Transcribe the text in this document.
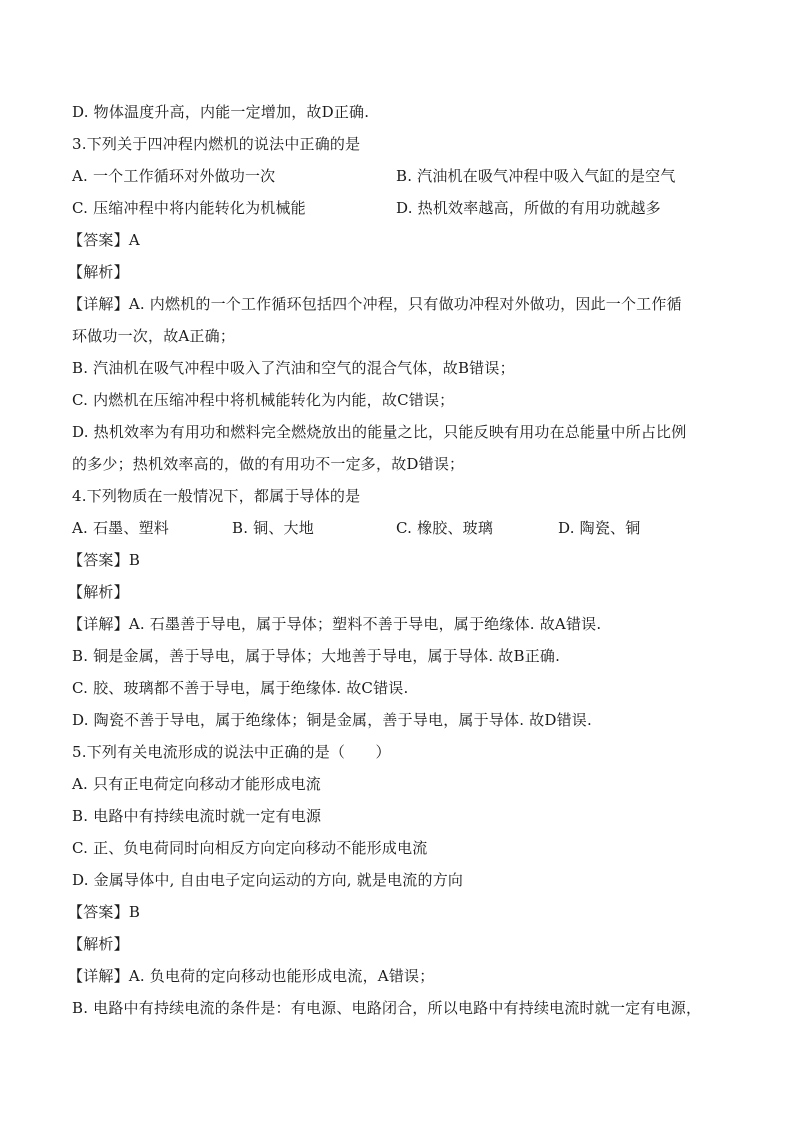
D. 物体温度升高，内能一定增加，故D正确.
3.下列关于四冲程内燃机的说法中正确的是
A. 一个工作循环对外做功一次	B. 汽油机在吸气冲程中吸入气缸的是空气
C. 压缩冲程中将内能转化为机械能	D. 热机效率越高，所做的有用功就越多
【答案】A
【解析】
【详解】A. 内燃机的一个工作循环包括四个冲程，只有做功冲程对外做功，因此一个工作循
环做功一次，故A正确；
B. 汽油机在吸气冲程中吸入了汽油和空气的混合气体，故B错误；
C. 内燃机在压缩冲程中将机械能转化为内能，故C错误；
D. 热机效率为有用功和燃料完全燃烧放出的能量之比，只能反映有用功在总能量中所占比例
的多少；热机效率高的，做的有用功不一定多，故D错误；
4.下列物质在一般情况下，都属于导体的是
A. 石墨、塑料	B. 铜、大地	C. 橡胶、玻璃	D. 陶瓷、铜
【答案】B
【解析】
【详解】A. 石墨善于导电，属于导体；塑料不善于导电，属于绝缘体. 故A错误.
B. 铜是金属，善于导电，属于导体；大地善于导电，属于导体. 故B正确.
C. 胶、玻璃都不善于导电，属于绝缘体. 故C错误.
D. 陶瓷不善于导电，属于绝缘体；铜是金属，善于导电，属于导体. 故D错误.
5.下列有关电流形成的说法中正确的是（　　）
A. 只有正电荷定向移动才能形成电流
B. 电路中有持续电流时就一定有电源
C. 正、负电荷同时向相反方向定向移动不能形成电流
D. 金属导体中, 自由电子定向运动的方向, 就是电流的方向
【答案】B
【解析】
【详解】A. 负电荷的定向移动也能形成电流，A错误；
B. 电路中有持续电流的条件是：有电源、电路闭合，所以电路中有持续电流时就一定有电源，
